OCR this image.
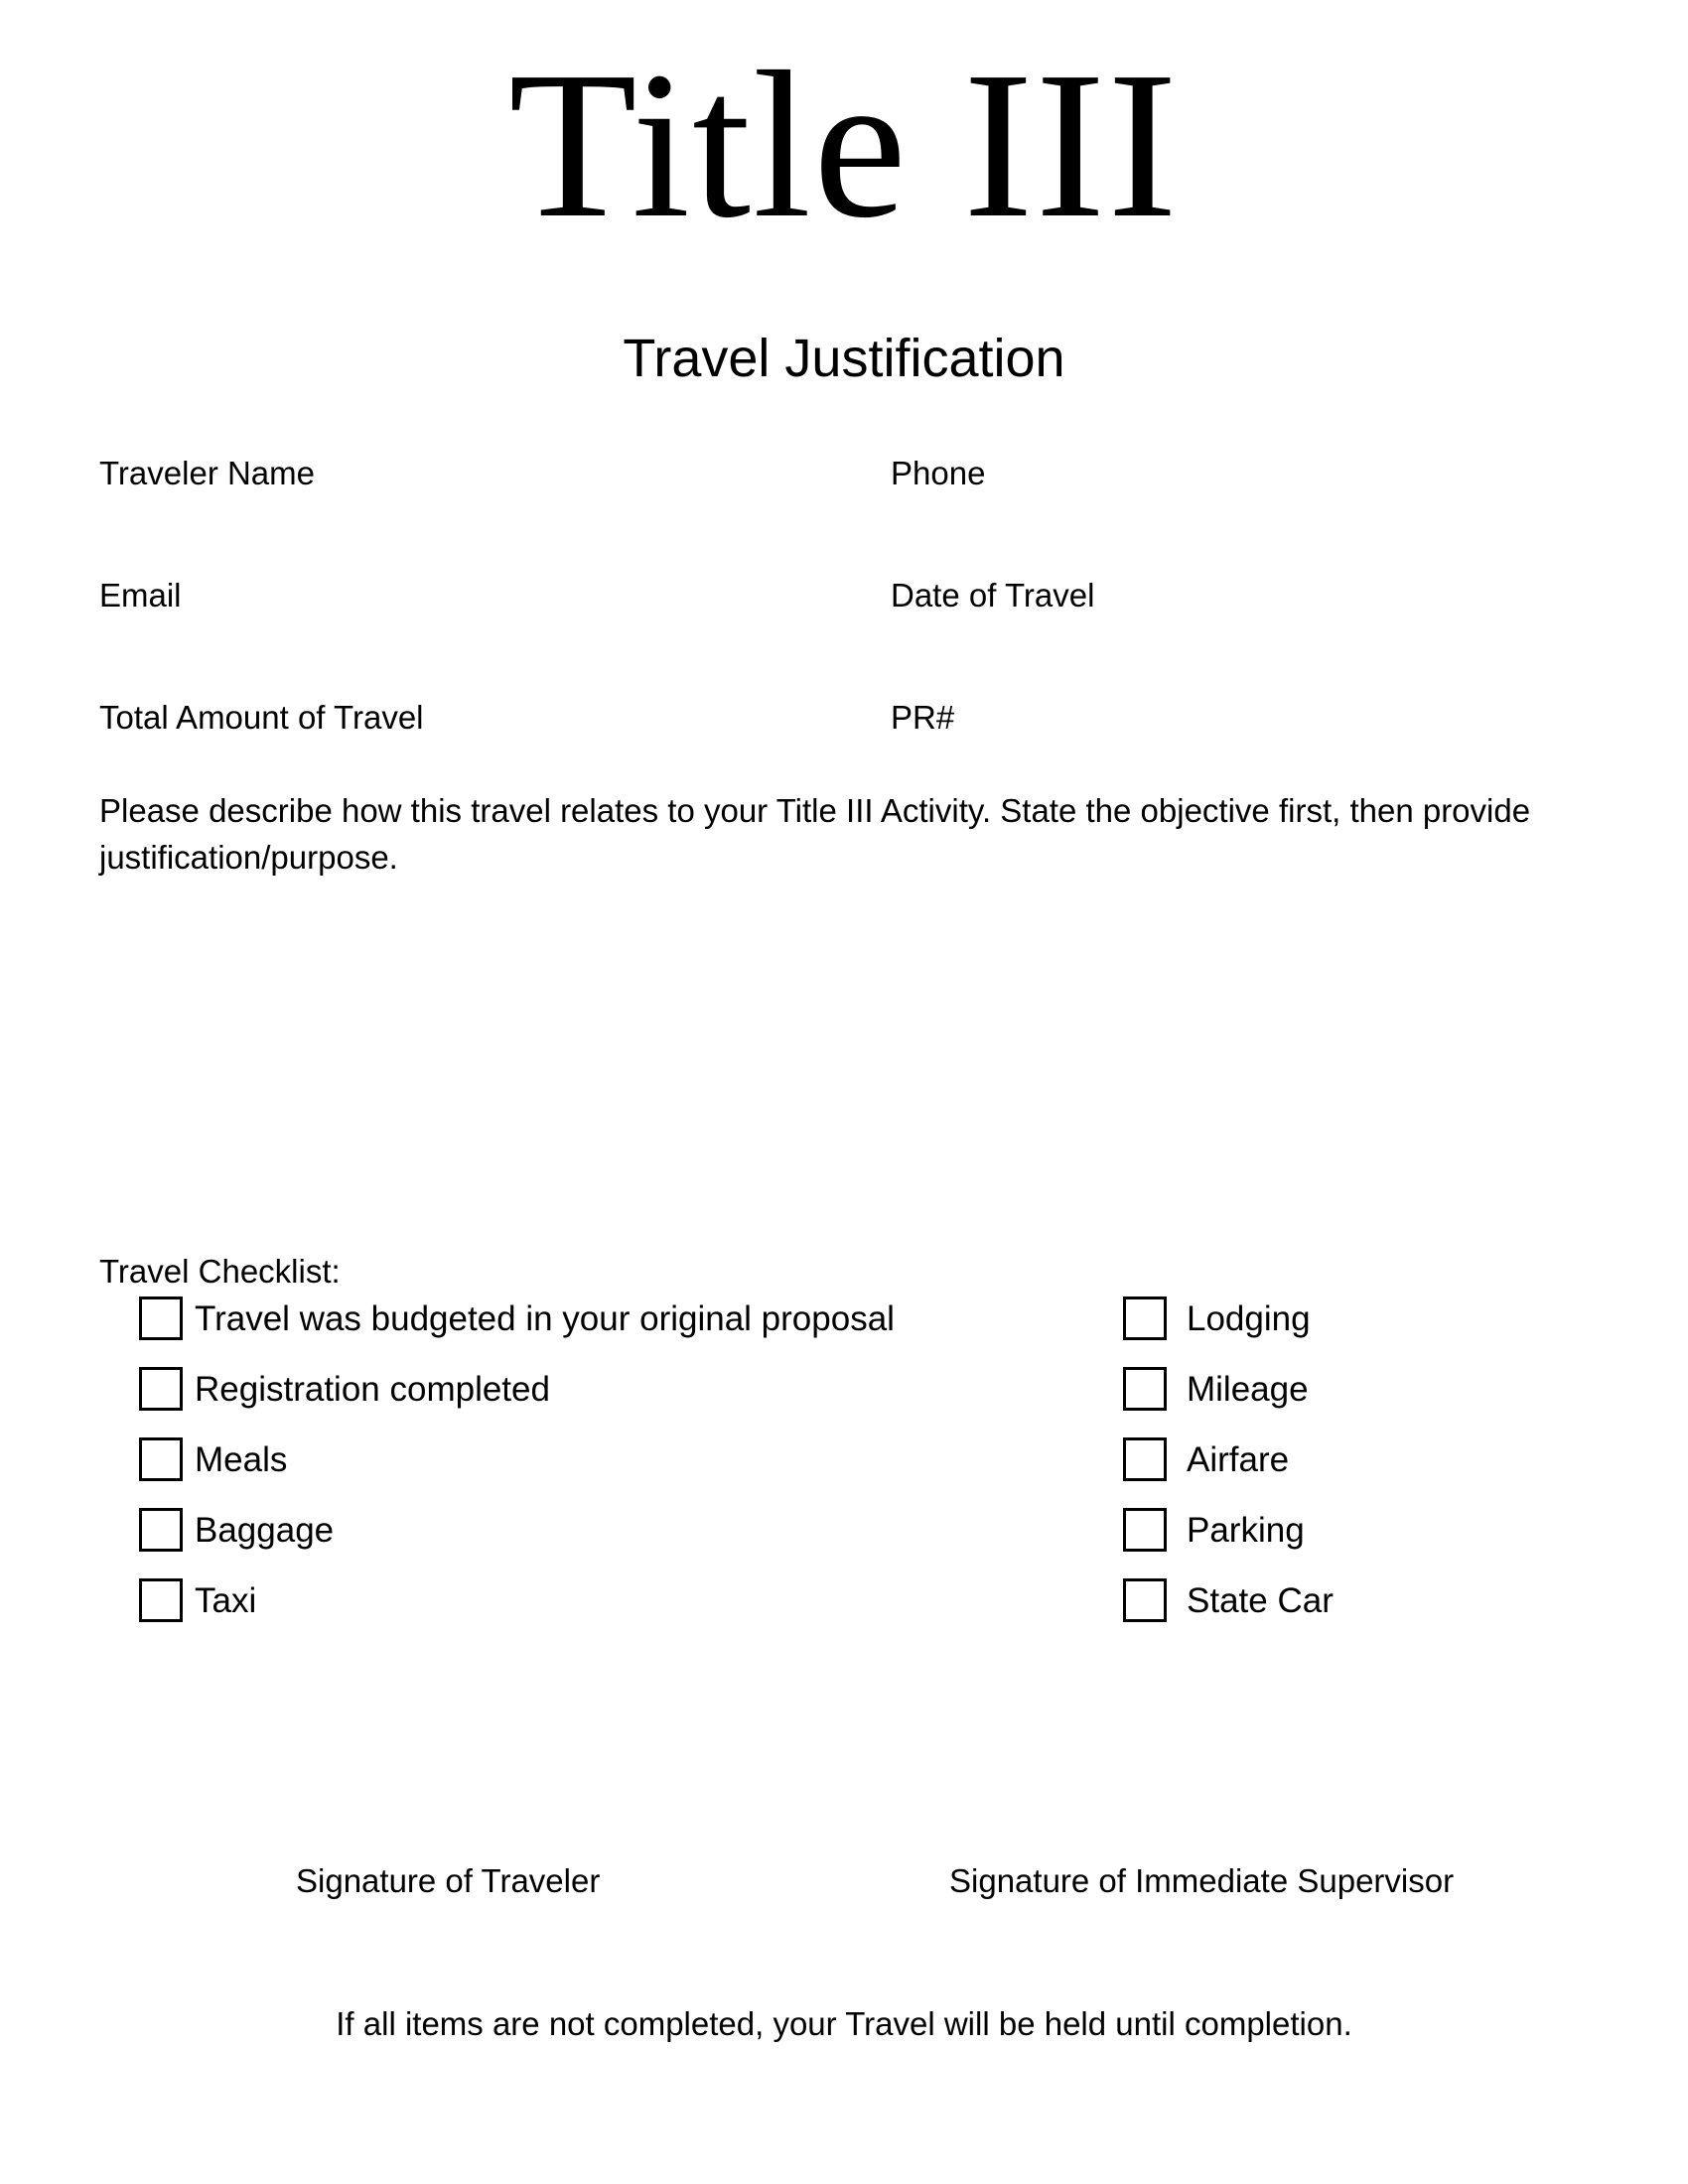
Title III
Travel Justification
Traveler Name	Phone
Email	Date of Travel
Total Amount of Travel	PR#
Please describe how this travel relates to your Title III Activity. State the objective first, then provide justification/purpose.
Travel Checklist:
Travel was budgeted in your original proposal
Registration completed
Meals
Baggage
Taxi
Lodging
Mileage
Airfare
Parking
State Car
Signature of Traveler	Signature of Immediate Supervisor
If all items are not completed, your Travel will be held until completion.
